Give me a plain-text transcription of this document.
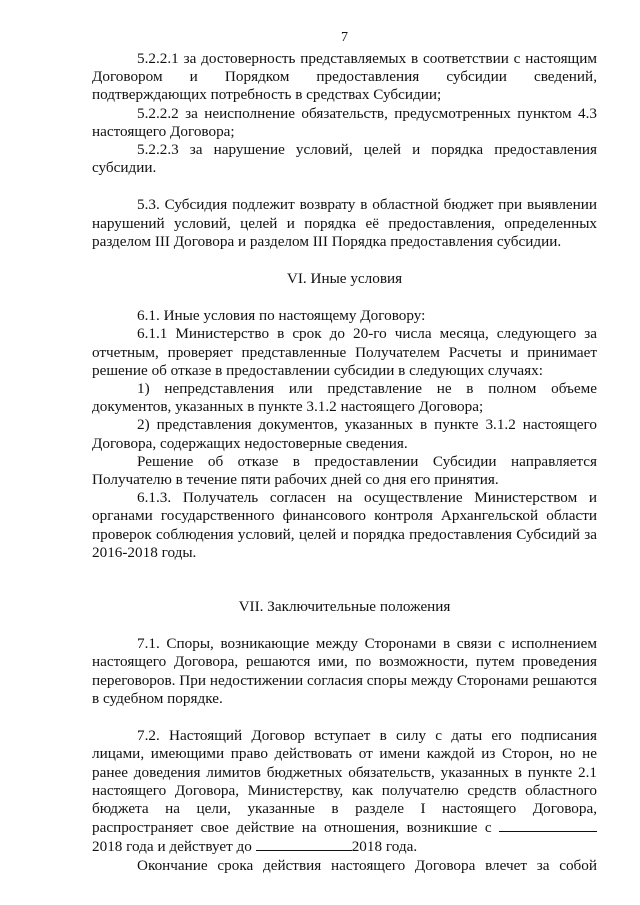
7

5.2.2.1 за достоверность представляемых в соответствии с настоящим Договором и Порядком предоставления субсидии сведений, подтверждающих потребность в средствах Субсидии;

5.2.2.2 за неисполнение обязательств, предусмотренных пунктом 4.3 настоящего Договора;

5.2.2.3 за нарушение условий, целей и порядка предоставления субсидии.

5.3. Субсидия подлежит возврату в областной бюджет при выявлении нарушений условий, целей и порядка её предоставления, определенных разделом III Договора и разделом III Порядка предоставления субсидии.

VI. Иные условия

6.1. Иные условия по настоящему Договору:

6.1.1 Министерство в срок до 20-го числа месяца, следующего за отчетным, проверяет представленные Получателем Расчеты и принимает решение об отказе в предоставлении субсидии в следующих случаях:

1) непредставления или представление не в полном объеме документов, указанных в пункте 3.1.2 настоящего Договора;

2) представления документов, указанных в пункте 3.1.2 настоящего Договора, содержащих недостоверные сведения.

Решение об отказе в предоставлении Субсидии направляется Получателю в течение пяти рабочих дней со дня его принятия.

6.1.3. Получатель согласен на осуществление Министерством и органами государственного финансового контроля Архангельской области проверок соблюдения условий, целей и порядка предоставления Субсидий за 2016-2018 годы.

VII. Заключительные положения

7.1. Споры, возникающие между Сторонами в связи с исполнением настоящего Договора, решаются ими, по возможности, путем проведения переговоров. При недостижении согласия споры между Сторонами решаются в судебном порядке.

7.2. Настоящий Договор вступает в силу с даты его подписания лицами, имеющими право действовать от имени каждой из Сторон, но не ранее доведения лимитов бюджетных обязательств, указанных в пункте 2.1 настоящего Договора, Министерству, как получателю средств областного бюджета на цели, указанные в разделе I настоящего Договора, распространяет свое действие на отношения, возникшие с 2018 года и действует до	2018 года.

Окончание срока действия настоящего Договора влечет за собой
